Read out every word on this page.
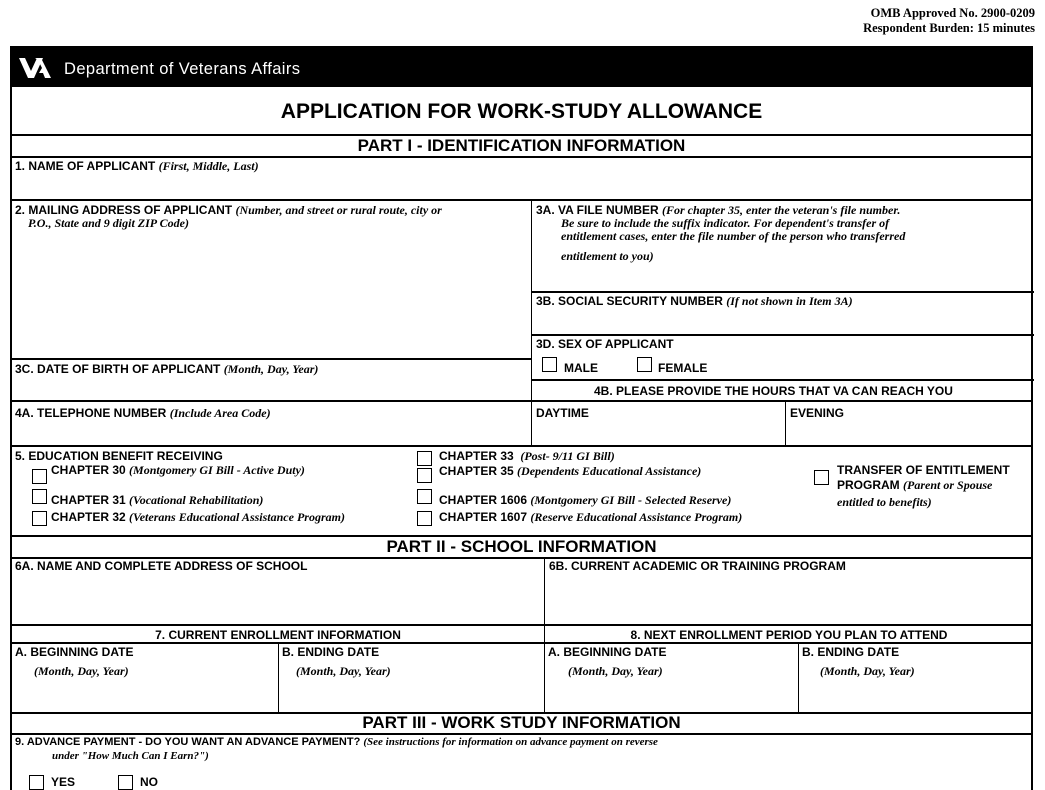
OMB Approved No. 2900-0209
Respondent Burden: 15 minutes
Department of Veterans Affairs
APPLICATION FOR WORK-STUDY ALLOWANCE
PART I - IDENTIFICATION INFORMATION
1. NAME OF APPLICANT (First, Middle, Last)
2. MAILING ADDRESS OF APPLICANT (Number, and street or rural route, city or
P.O., State and 9 digit ZIP Code)
3A. VA FILE NUMBER (For chapter 35, enter the veteran's file number.
Be sure to include the suffix indicator. For dependent's transfer of
entitlement cases, enter the file number of the person who transferred
entitlement to you)
3B. SOCIAL SECURITY NUMBER (If not shown in Item 3A)
3D. SEX OF APPLICANT
MALE	FEMALE
3C. DATE OF BIRTH OF APPLICANT (Month, Day, Year)
4B. PLEASE PROVIDE THE HOURS THAT VA CAN REACH YOU
4A. TELEPHONE NUMBER (Include Area Code)	DAYTIME	EVENING
5. EDUCATION BENEFIT RECEIVING
CHAPTER 30 (Montgomery GI Bill - Active Duty)
CHAPTER 31 (Vocational Rehabilitation)
CHAPTER 32 (Veterans Educational Assistance Program)
CHAPTER 33 (Post- 9/11 GI Bill)
CHAPTER 35 (Dependents Educational Assistance)
CHAPTER 1606 (Montgomery GI Bill - Selected Reserve)
CHAPTER 1607 (Reserve Educational Assistance Program)
TRANSFER OF ENTITLEMENT
PROGRAM (Parent or Spouse
entitled to benefits)
PART II - SCHOOL INFORMATION
6A. NAME AND COMPLETE ADDRESS OF SCHOOL	6B. CURRENT ACADEMIC OR TRAINING PROGRAM
7. CURRENT ENROLLMENT INFORMATION	8. NEXT ENROLLMENT PERIOD YOU PLAN TO ATTEND
A. BEGINNING DATE
(Month, Day, Year)
B. ENDING DATE
(Month, Day, Year)
A. BEGINNING DATE
(Month, Day, Year)
B. ENDING DATE
(Month, Day, Year)
PART III - WORK STUDY INFORMATION
9. ADVANCE PAYMENT - DO YOU WANT AN ADVANCE PAYMENT? (See instructions for information on advance payment on reverse
under "How Much Can I Earn?")
YES	NO
